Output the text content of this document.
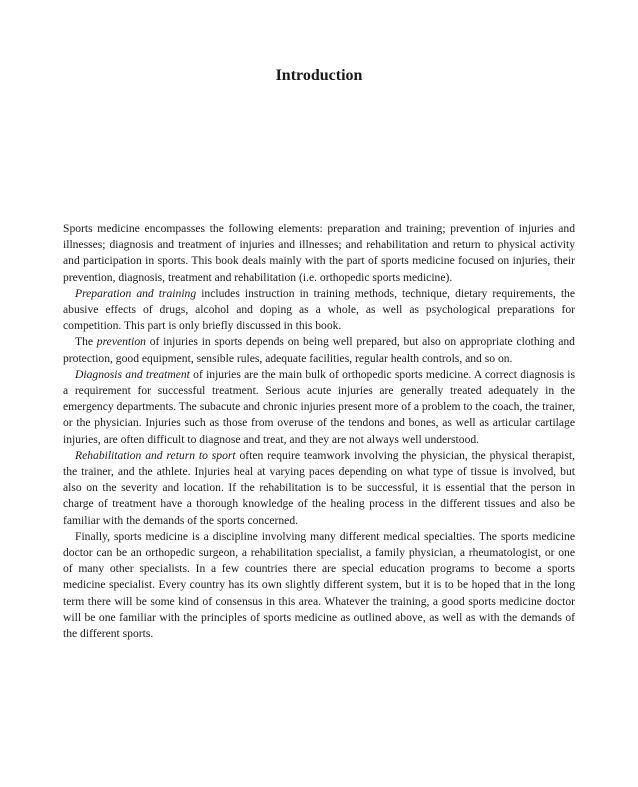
Introduction

Sports medicine encompasses the following elements: preparation and training; prevention of injuries and illnesses; diagnosis and treatment of injuries and illnesses; and rehabilitation and return to physical activity and participation in sports. This book deals mainly with the part of sports medicine focused on injuries, their prevention, diagnosis, treatment and rehabilitation (i.e. orthopedic sports medicine).

Preparation and training includes instruction in training methods, technique, dietary requirements, the abusive effects of drugs, alcohol and doping as a whole, as well as psychological preparations for competition. This part is only briefly discussed in this book.

The prevention of injuries in sports depends on being well prepared, but also on appropriate clothing and protection, good equipment, sensible rules, adequate facilities, regular health controls, and so on.

Diagnosis and treatment of injuries are the main bulk of orthopedic sports medicine. A correct diagnosis is a requirement for successful treatment. Serious acute injuries are generally treated adequately in the emergency departments. The subacute and chronic injuries present more of a problem to the coach, the trainer, or the physician. Injuries such as those from overuse of the tendons and bones, as well as articular cartilage injuries, are often difficult to diagnose and treat, and they are not always well understood.

Rehabilitation and return to sport often require teamwork involving the physician, the physical therapist, the trainer, and the athlete. Injuries heal at varying paces depending on what type of tissue is involved, but also on the severity and location. If the rehabilitation is to be successful, it is essential that the person in charge of treatment have a thorough knowledge of the healing process in the different tissues and also be familiar with the demands of the sports concerned.

Finally, sports medicine is a discipline involving many different medical specialties. The sports medicine doctor can be an orthopedic surgeon, a rehabilitation specialist, a family physician, a rheumatologist, or one of many other specialists. In a few countries there are special education programs to become a sports medicine specialist. Every country has its own slightly different system, but it is to be hoped that in the long term there will be some kind of consensus in this area. Whatever the training, a good sports medicine doctor will be one familiar with the principles of sports medicine as outlined above, as well as with the demands of the different sports.
